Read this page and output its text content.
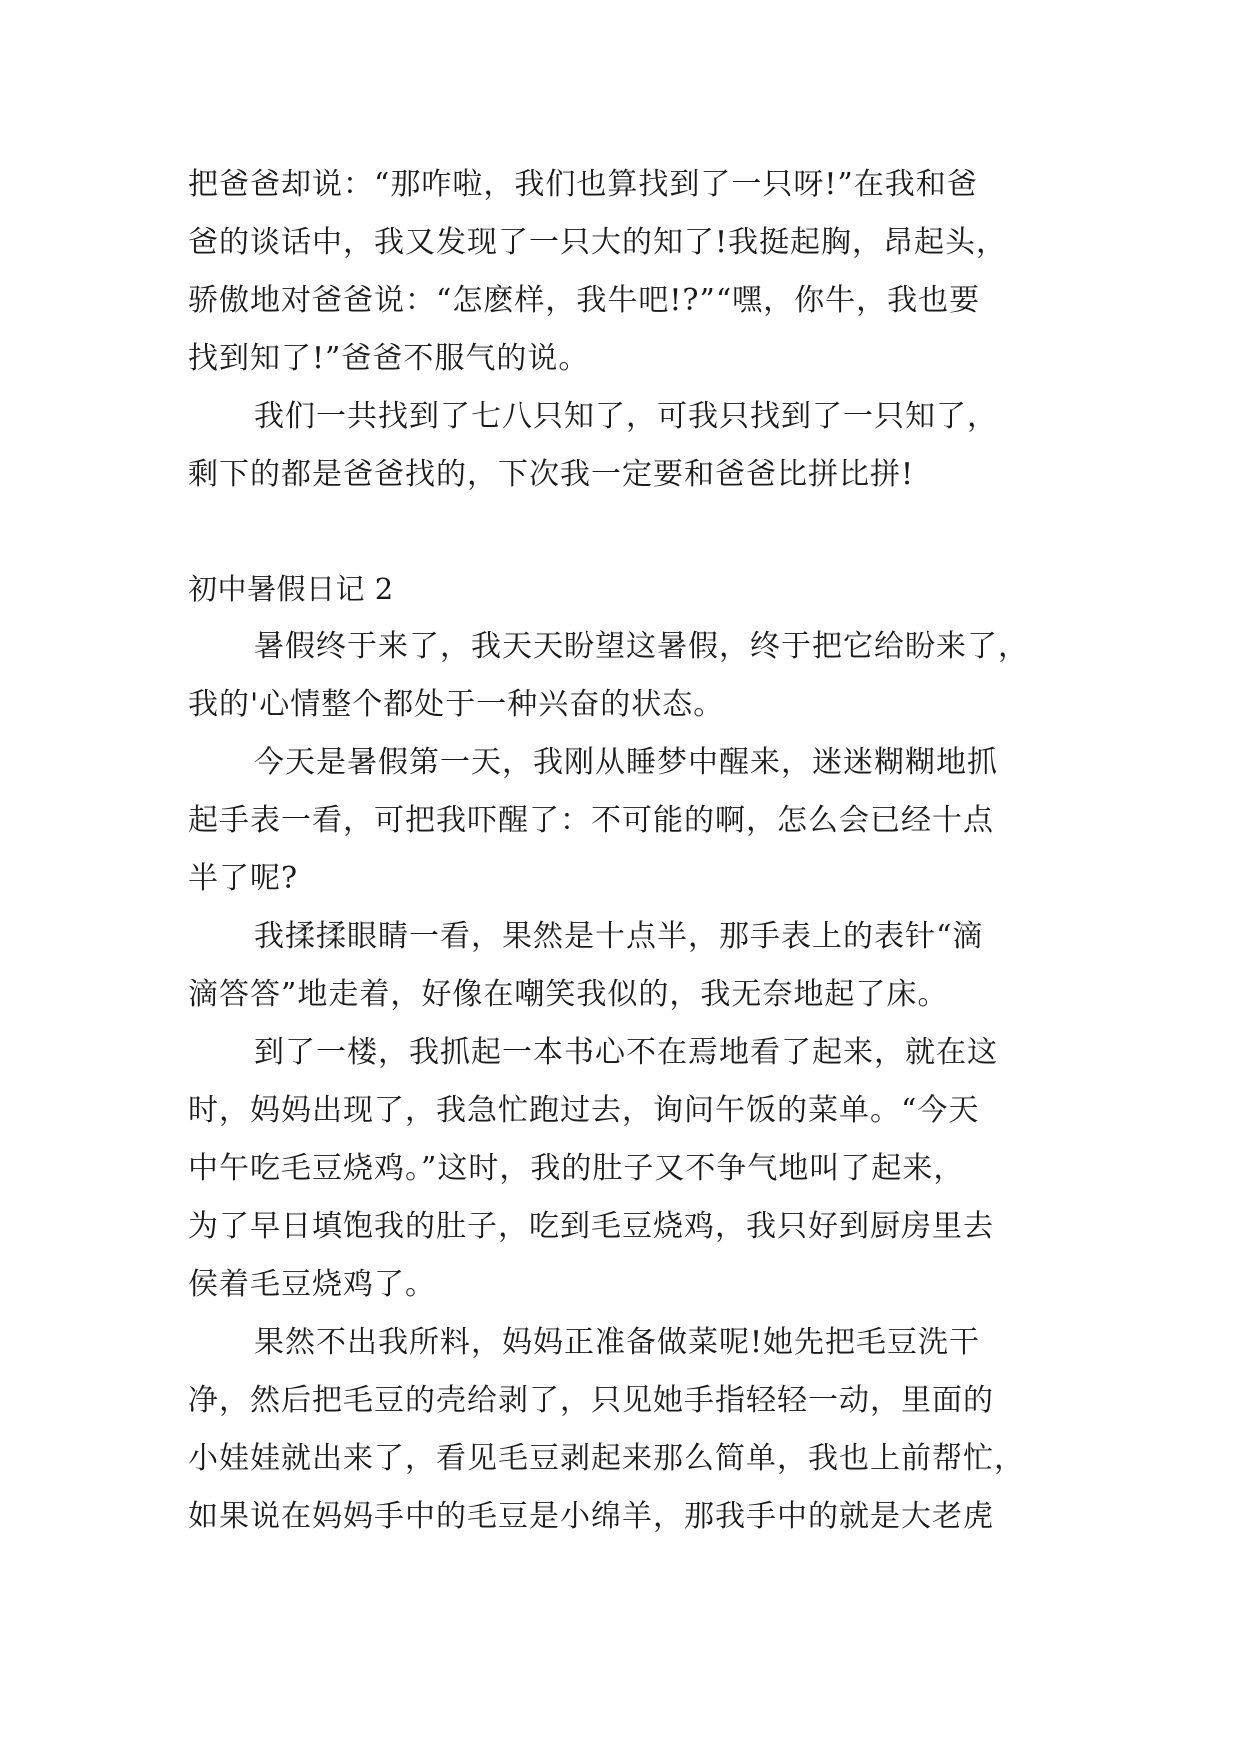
把爸爸却说：“那咋啦，我们也算找到了一只呀!”在我和爸
爸的谈话中，我又发现了一只大的知了!我挺起胸，昂起头，
骄傲地对爸爸说：“怎麽样，我牛吧!?”“嘿，你牛，我也要
找到知了!”爸爸不服气的说。
我们一共找到了七八只知了，可我只找到了一只知了，
剩下的都是爸爸找的，下次我一定要和爸爸比拼比拼!
初中暑假日记 2
暑假终于来了，我天天盼望这暑假，终于把它给盼来了，
我的'心情整个都处于一种兴奋的状态。
今天是暑假第一天，我刚从睡梦中醒来，迷迷糊糊地抓
起手表一看，可把我吓醒了：不可能的啊，怎么会已经十点
半了呢?
我揉揉眼睛一看，果然是十点半，那手表上的表针“滴
滴答答”地走着，好像在嘲笑我似的，我无奈地起了床。
到了一楼，我抓起一本书心不在焉地看了起来，就在这
时，妈妈出现了，我急忙跑过去，询问午饭的菜单。“今天
中午吃毛豆烧鸡。”这时，我的肚子又不争气地叫了起来，
为了早日填饱我的肚子，吃到毛豆烧鸡，我只好到厨房里去
侯着毛豆烧鸡了。
果然不出我所料，妈妈正准备做菜呢!她先把毛豆洗干
净，然后把毛豆的壳给剥了，只见她手指轻轻一动，里面的
小娃娃就出来了，看见毛豆剥起来那么简单，我也上前帮忙，
如果说在妈妈手中的毛豆是小绵羊，那我手中的就是大老虎
